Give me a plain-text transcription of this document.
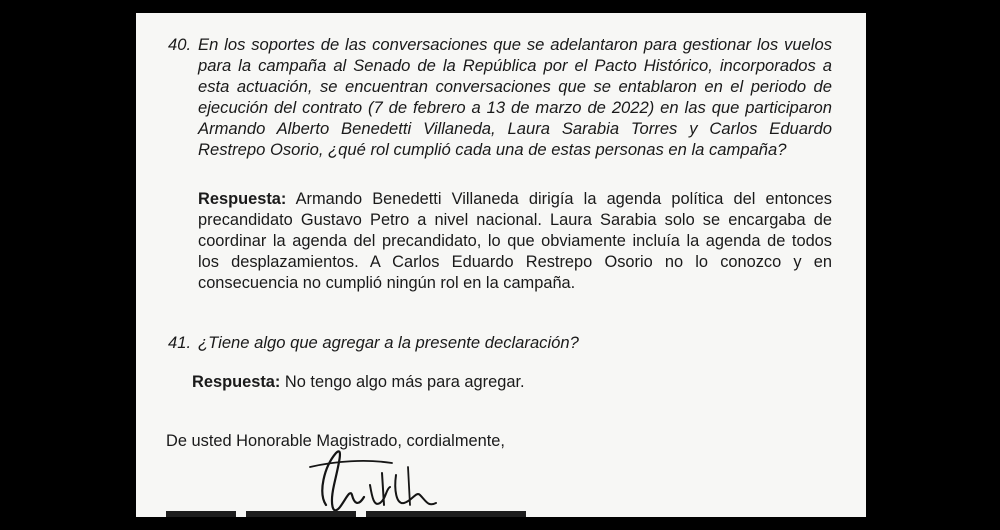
40. En los soportes de las conversaciones que se adelantaron para gestionar los vuelos para la campaña al Senado de la República por el Pacto Histórico, incorporados a esta actuación, se encuentran conversaciones que se entablaron en el periodo de ejecución del contrato (7 de febrero a 13 de marzo de 2022) en las que participaron Armando Alberto Benedetti Villaneda, Laura Sarabia Torres y Carlos Eduardo Restrepo Osorio, ¿qué rol cumplió cada una de estas personas en la campaña?
Respuesta: Armando Benedetti Villaneda dirigía la agenda política del entonces precandidato Gustavo Petro a nivel nacional. Laura Sarabia solo se encargaba de coordinar la agenda del precandidato, lo que obviamente incluía la agenda de todos los desplazamientos. A Carlos Eduardo Restrepo Osorio no lo conozco y en consecuencia no cumplió ningún rol en la campaña.
41. ¿Tiene algo que agregar a la presente declaración?
Respuesta: No tengo algo más para agregar.
De usted Honorable Magistrado, cordialmente,
